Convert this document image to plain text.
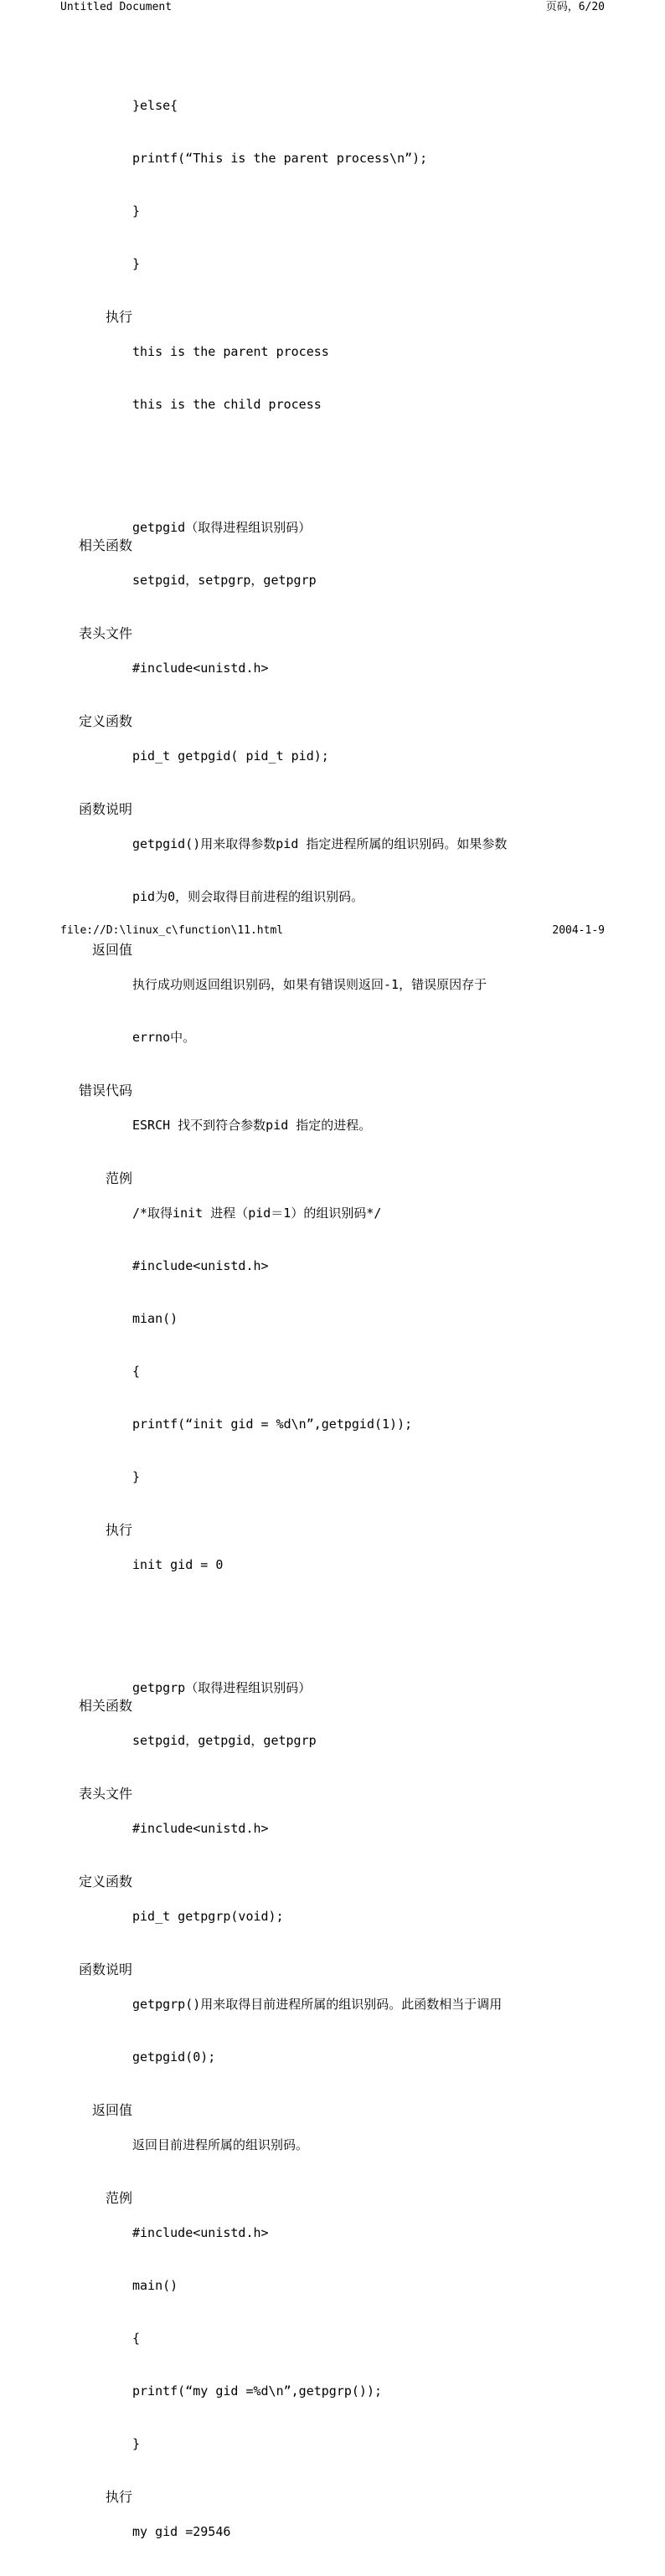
Untitled Document	页码，6/20

}else{

printf(“This is the parent process\n”);

}

}

执行

this is the parent process

this is the child process

getpgid（取得进程组识别码）
相关函数

setpgid，setpgrp，getpgrp

表头文件

#include<unistd.h>

定义函数

pid_t getpgid( pid_t pid);

函数说明

getpgid()用来取得参数pid 指定进程所属的组识别码。如果参数

pid为0，则会取得目前进程的组识别码。

返回值

执行成功则返回组识别码，如果有错误则返回-1，错误原因存于

errno中。

错误代码

ESRCH 找不到符合参数pid 指定的进程。

范例

/*取得init 进程（pid＝1）的组识别码*/

#include<unistd.h>

mian()

{

printf(“init gid = %d\n”,getpgid(1));

}

执行

init gid = 0

getpgrp（取得进程组识别码）
相关函数

setpgid，getpgid，getpgrp

表头文件

#include<unistd.h>

定义函数

pid_t getpgrp(void);

函数说明

getpgrp()用来取得目前进程所属的组识别码。此函数相当于调用

getpgid(0);

返回值

返回目前进程所属的组识别码。

范例

#include<unistd.h>

main()

{

printf(“my gid =%d\n”,getpgrp());

}

执行

my gid =29546

file://D:\linux_c\function\11.html	2004-1-9
